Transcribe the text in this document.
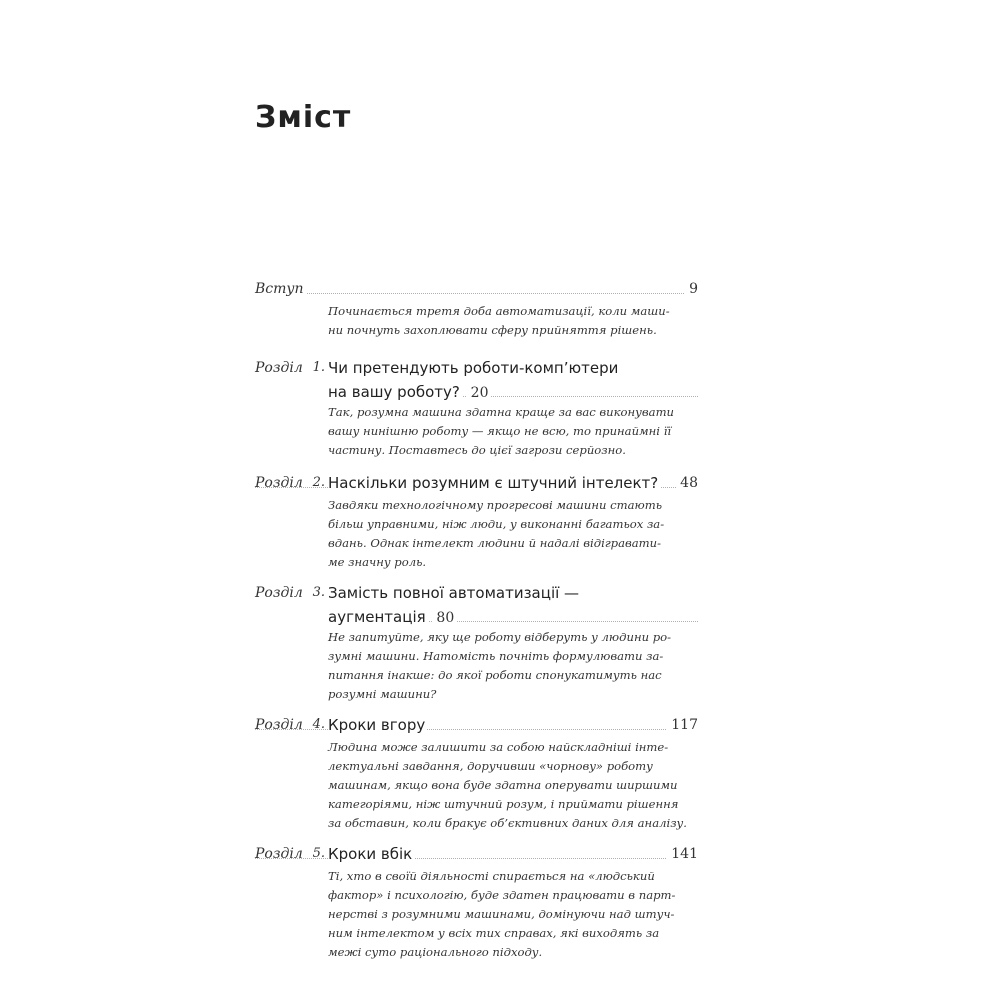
Зміст
Вступ	9
Починається третя доба автоматизації, коли маши-
ни почнуть захоплювати сферу прийняття рішень.
Розділ 1. Чи претендують роботи-комп’ютери
на вашу роботу? 20
Так, розумна машина здатна краще за вас виконувати
вашу нинішню роботу — якщо не всю, то принаймні її
частину. Поставтесь до цієї загрози серйозно.
Розділ 2. Наскільки розумним є штучний інтелект? 48
Завдяки технологічному прогресові машини стають
більш управними, ніж люди, у виконанні багатьох за-
вдань. Однак інтелект людини й надалі відігравати-
ме значну роль.
Розділ 3. Замість повної автоматизації —
аугментація 80
Не запитуйте, яку ще роботу відберуть у людини ро-
зумні машини. Натомість почніть формулювати за-
питання інакше: до якої роботи спонукатимуть нас
розумні машини?
Розділ 4. Кроки вгору	117
Людина може залишити за собою найскладніші інте-
лектуальні завдання, доручивши «чорнову» роботу
машинам, якщо вона буде здатна оперувати ширшими
категоріями, ніж штучний розум, і приймати рішення
за обставин, коли бракує об’єктивних даних для аналізу.
Розділ 5. Кроки вбік	141
Ті, хто в своїй діяльності спирається на «людський
фактор» і психологію, буде здатен працювати в парт-
нерстві з розумними машинами, домінуючи над штуч-
ним інтелектом у всіх тих справах, які виходять за
межі суто раціонального підходу.
